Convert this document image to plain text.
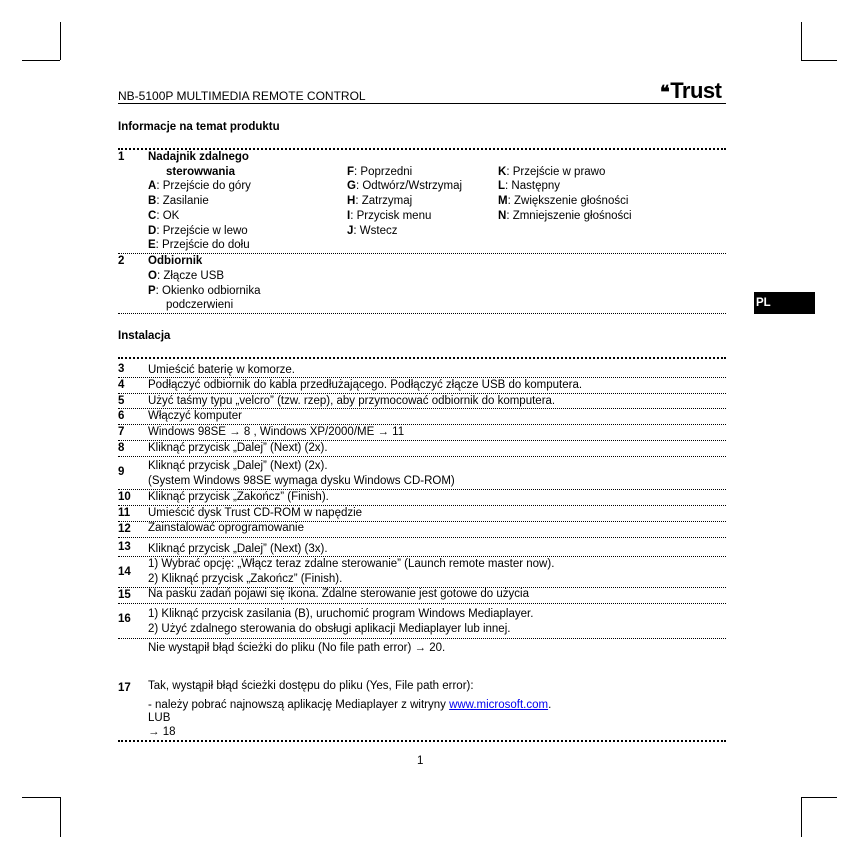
NB-5100P MULTIMEDIA REMOTE CONTROL	❝Trust
PL
Informacje na temat produktu
1 Nadajnik zdalnego
sterowwania
A: Przejście do góry
B: Zasilanie
C: OK
D: Przejście w lewo
E: Przejście do dołu
F: Poprzedni
G: Odtwórz/Wstrzymaj
H: Zatrzymaj
I: Przycisk menu
J: Wstecz
K: Przejście w prawo
L: Następny
M: Zwiększenie głośności
N: Zmniejszenie głośności
2 Odbiornik
O: Złącze USB
P: Okienko odbiornika
podczerwieni
Instalacja
3 Umieścić baterię w komorze.
4 Podłączyć odbiornik do kabla przedłużającego. Podłączyć złącze USB do komputera.
5 Użyć taśmy typu „velcro” (tzw. rzep), aby przymocować odbiornik do komputera.
6 Włączyć komputer
7 Windows 98SE → 8 , Windows XP/2000/ME → 11
8 Kliknąć przycisk „Dalej” (Next) (2x).
9 Kliknąć przycisk „Dalej” (Next) (2x).
(System Windows 98SE wymaga dysku Windows CD-ROM)
10 Kliknąć przycisk „Zakończ” (Finish).
11 Umieścić dysk Trust CD-ROM w napędzie
12 Zainstalować oprogramowanie
13 Kliknąć przycisk „Dalej” (Next) (3x).
14
1) Wybrać opcję: „Włącz teraz zdalne sterowanie” (Launch remote master now).
2) Kliknąć przycisk „Zakończ” (Finish).
15 Na pasku zadań pojawi się ikona. Zdalne sterowanie jest gotowe do użycia
16 1) Kliknąć przycisk zasilania (B), uruchomić program Windows Mediaplayer.
2) Użyć zdalnego sterowania do obsługi aplikacji Mediaplayer lub innej.
Nie wystąpił błąd ścieżki do pliku (No file path error) → 20.
17 Tak, wystąpił błąd ścieżki dostępu do pliku (Yes, File path error):
- należy pobrać najnowszą aplikację Mediaplayer z witryny www.microsoft.com.
LUB
→ 18
1
